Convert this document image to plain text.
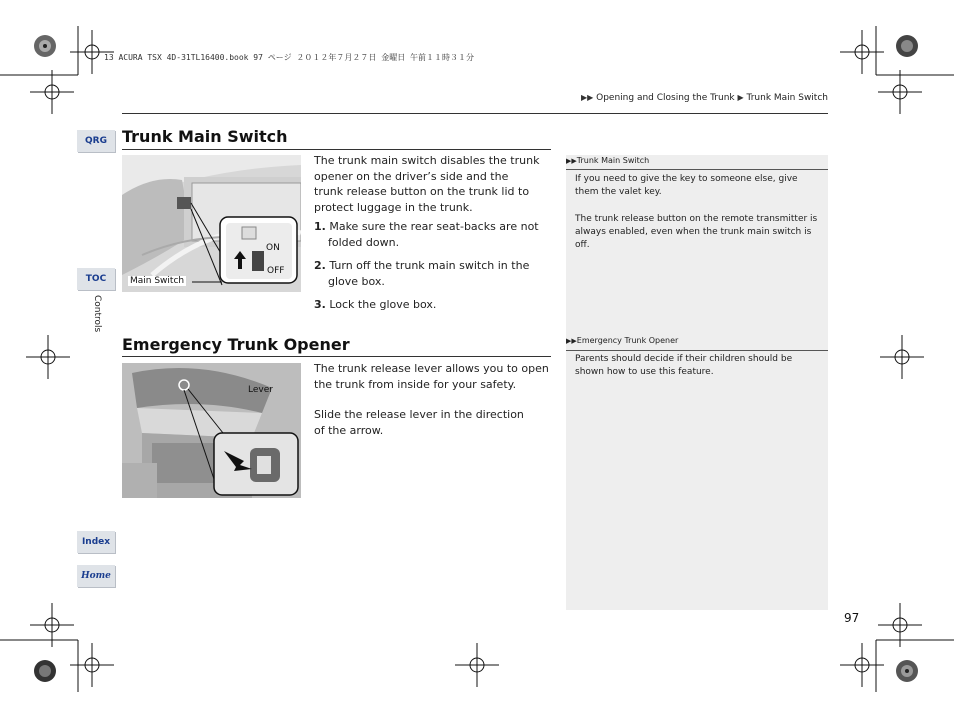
13 ACURA TSX 4D-31TL16400.book 97 ページ ２０１２年７月２７日 金曜日 午前１１時３１分
▶▶ Opening and Closing the Trunk ▶ Trunk Main Switch
QRG
TOC
Controls
Index
Home
Trunk Main Switch
ON
OFF
Main Switch
The trunk main switch disables the trunk opener on the driver’s side and the trunk release button on the trunk lid to protect luggage in the trunk.
1. Make sure the rear seat-backs are not folded down.
2. Turn off the trunk main switch in the glove box.
3. Lock the glove box.
Emergency Trunk Opener
Lever
The trunk release lever allows you to open the trunk from inside for your safety.
Slide the release lever in the direction of the arrow.
▶▶Trunk Main Switch
If you need to give the key to someone else, give them the valet key.
The trunk release button on the remote transmitter is always enabled, even when the trunk main switch is off.
▶▶Emergency Trunk Opener
Parents should decide if their children should be shown how to use this feature.
97
